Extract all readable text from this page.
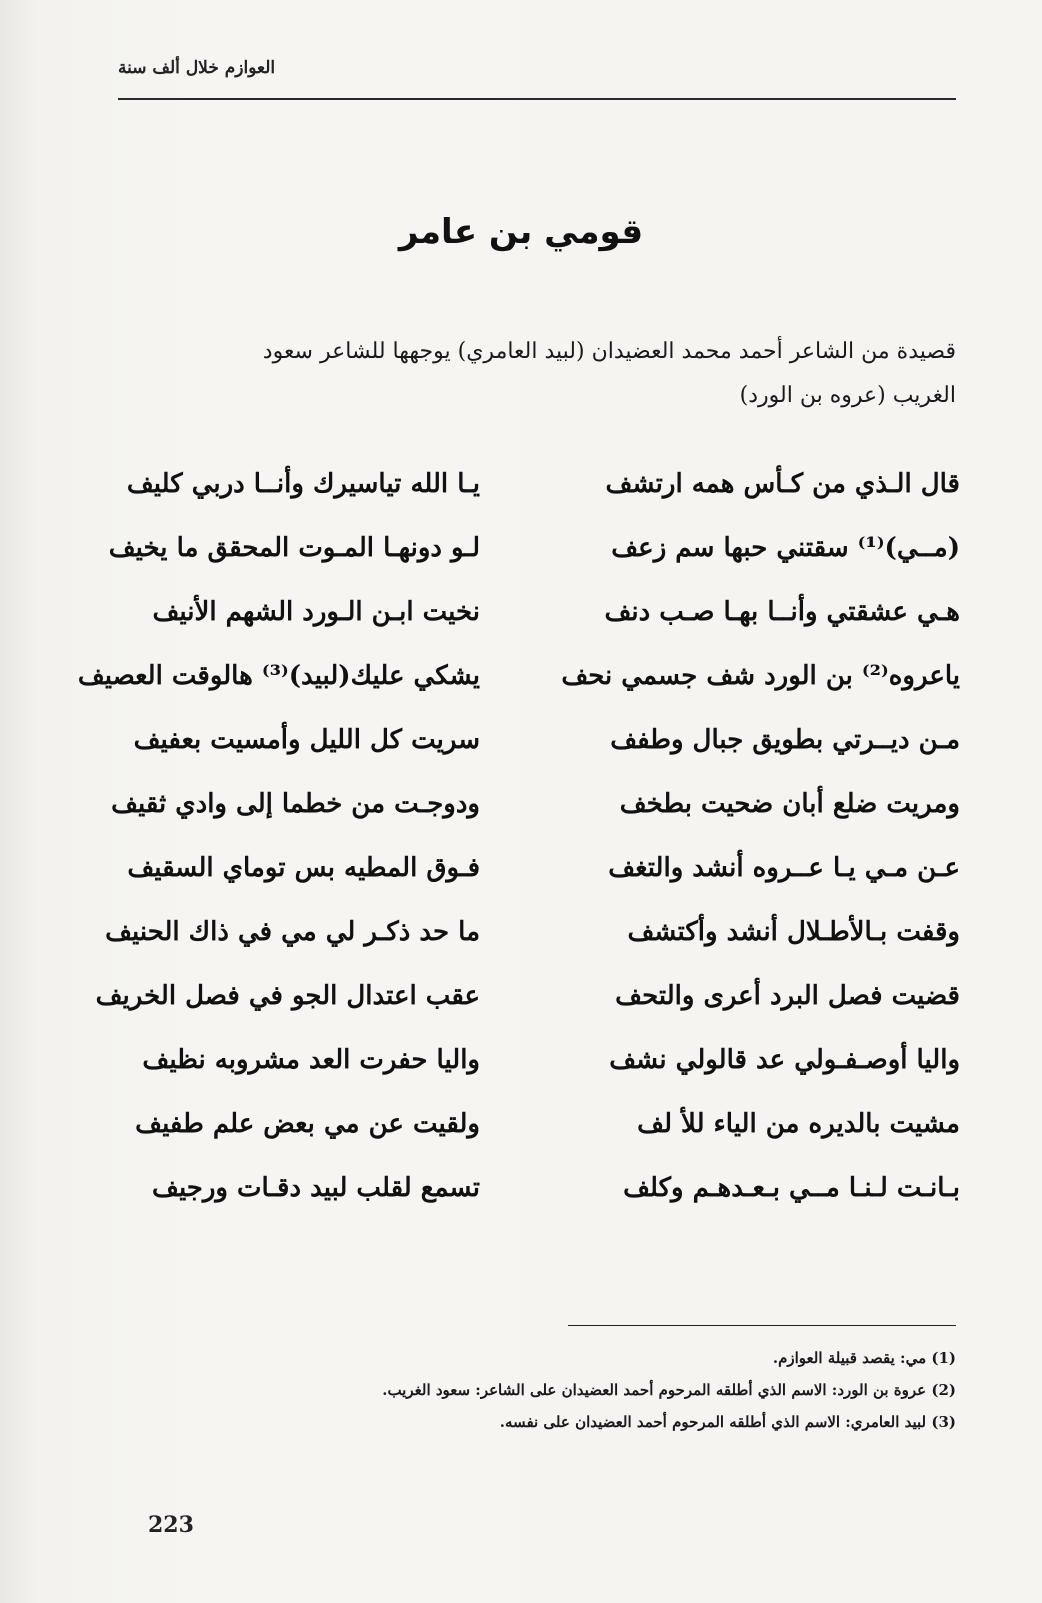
العوازم خلال ألف سنة
قومي بن عامر

قصيدة من الشاعر أحمد محمد العضيدان (لبيد العامري) يوجهها للشاعر سعود

الغريب (عروه بن الورد)

قال الـذي من كـأس همه ارتشف
(مــي)⁽¹⁾ سقتني حبها سم زعف
هـي عشقتي وأنــا بهـا صـب دنف
ياعروه⁽²⁾ بن الورد شف جسمي نحف
مـن ديــرتي بطويق جبال وطفف
ومريت ضلع أبان ضحيت بطخف
عـن مـي يـا عــروه أنشد والتغف
وقفت بـالأطـلال أنشد وأكتشف
قضيت فصل البرد أعرى والتحف
واليا أوصـفـولي عد قالولي نشف
مشيت بالديره من الياء للأ لف
بـانـت لـنـا مــي بـعـدهـم وكلف
يـا الله تياسيرك وأنــا دربي كليف
لـو دونهـا المـوت المحقق ما يخيف
نخيت ابـن الـورد الشهم الأنيف
يشكي عليك(لبيد)⁽³⁾ هالوقت العصيف
سريت كل الليل وأمسيت بعفيف
ودوجـت من خطما إلى وادي ثقيف
فـوق المطيه بس توماي السقيف
ما حد ذكـر لي مي في ذاك الحنيف
عقب اعتدال الجو في فصل الخريف
واليا حفرت العد مشروبه نظيف
ولقيت عن مي بعض علم طفيف
تسمع لقلب لبيد دقـات ورجيف
(1) مي: يقصد قبيلة العوازم.
(2) عروة بن الورد: الاسم الذي أطلقه المرحوم أحمد العضيدان على الشاعر: سعود الغريب.
(3) لبيد العامري: الاسم الذي أطلقه المرحوم أحمد العضيدان على نفسه.
223
